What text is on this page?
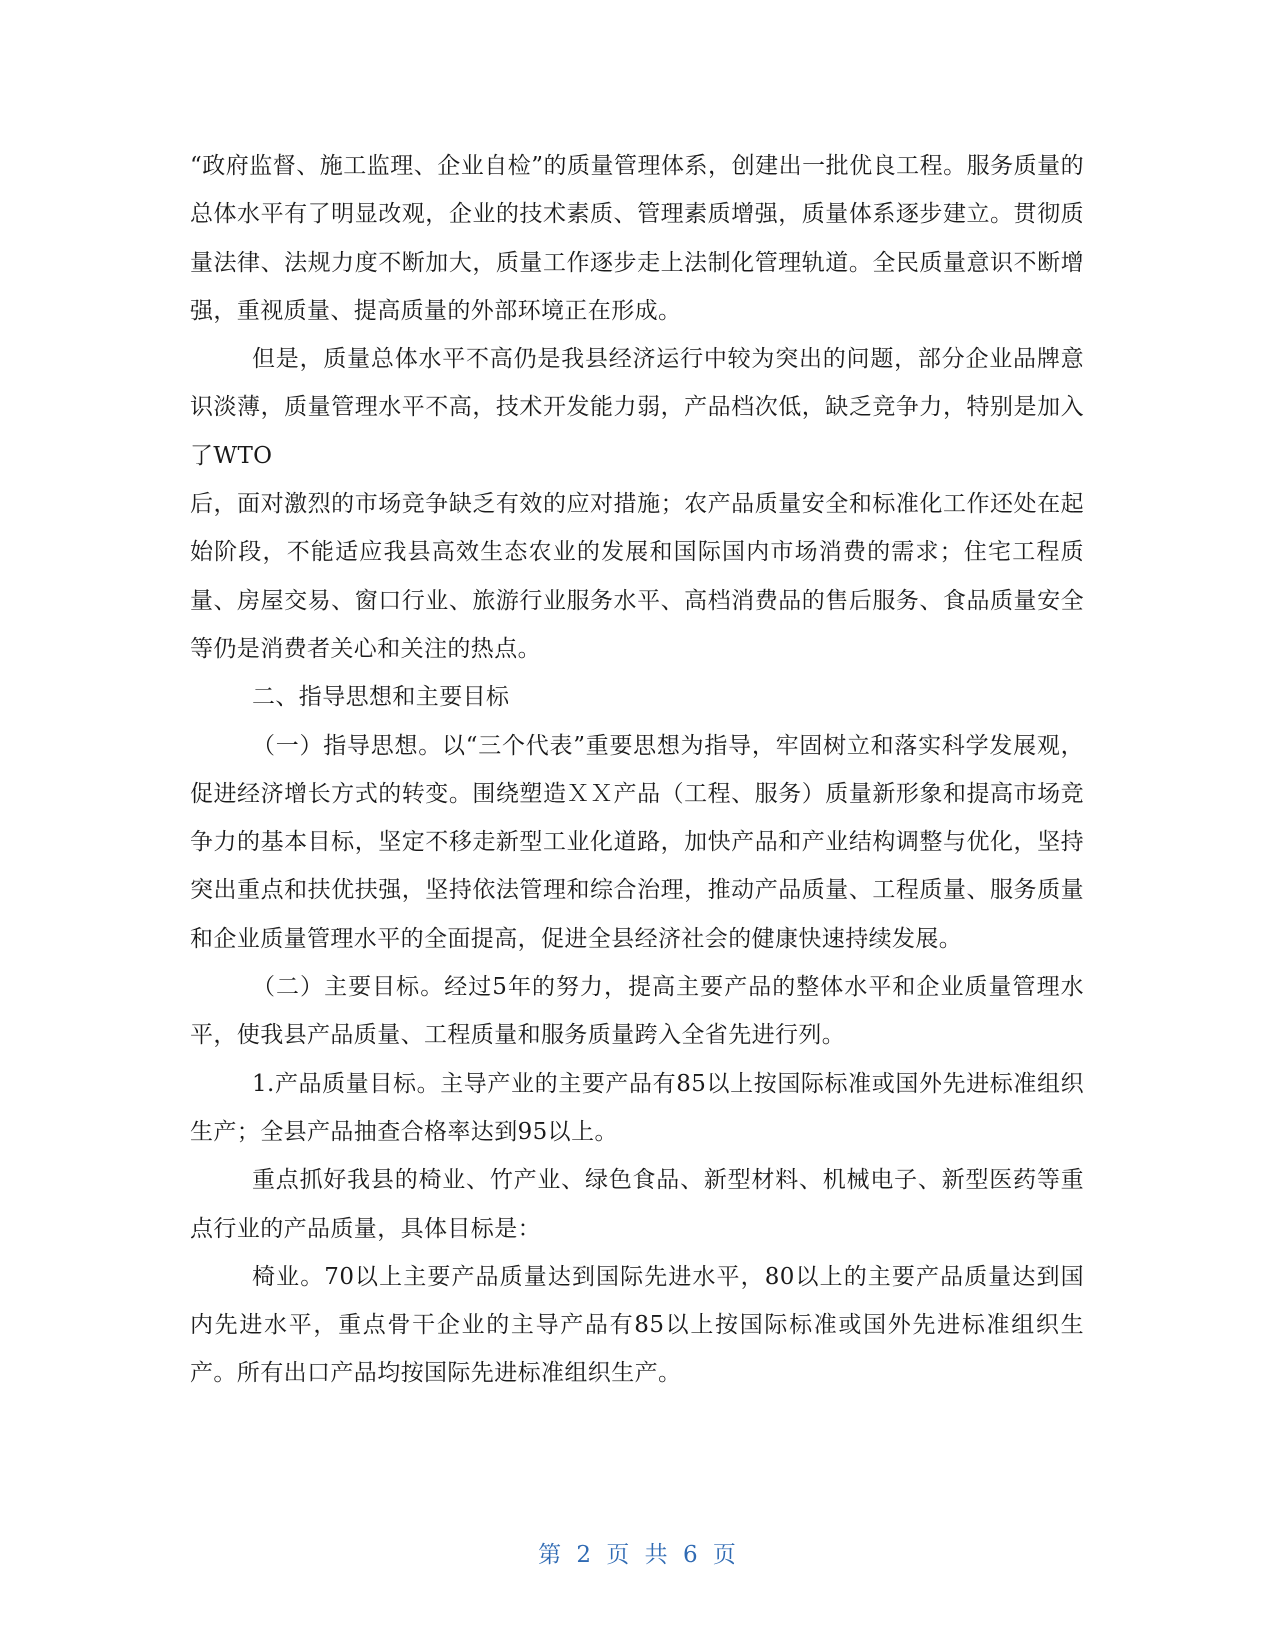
“政府监督、施工监理、企业自检”的质量管理体系，创建出一批优良工程。服务质量的总体水平有了明显改观，企业的技术素质、管理素质增强，质量体系逐步建立。贯彻质量法律、法规力度不断加大，质量工作逐步走上法制化管理轨道。全民质量意识不断增强，重视质量、提高质量的外部环境正在形成。

但是，质量总体水平不高仍是我县经济运行中较为突出的问题，部分企业品牌意识淡薄，质量管理水平不高，技术开发能力弱，产品档次低，缺乏竞争力，特别是加入了WTO

后，面对激烈的市场竞争缺乏有效的应对措施；农产品质量安全和标准化工作还处在起始阶段，不能适应我县高效生态农业的发展和国际国内市场消费的需求；住宅工程质量、房屋交易、窗口行业、旅游行业服务水平、高档消费品的售后服务、食品质量安全等仍是消费者关心和关注的热点。

二、指导思想和主要目标

（一）指导思想。以“三个代表”重要思想为指导，牢固树立和落实科学发展观，促进经济增长方式的转变。围绕塑造ＸＸ产品（工程、服务）质量新形象和提高市场竞争力的基本目标，坚定不移走新型工业化道路，加快产品和产业结构调整与优化，坚持突出重点和扶优扶强，坚持依法管理和综合治理，推动产品质量、工程质量、服务质量和企业质量管理水平的全面提高，促进全县经济社会的健康快速持续发展。

（二）主要目标。经过5年的努力，提高主要产品的整体水平和企业质量管理水平，使我县产品质量、工程质量和服务质量跨入全省先进行列。

1.产品质量目标。主导产业的主要产品有85以上按国际标准或国外先进标准组织生产；全县产品抽查合格率达到95以上。

重点抓好我县的椅业、竹产业、绿色食品、新型材料、机械电子、新型医药等重点行业的产品质量，具体目标是：

椅业。70以上主要产品质量达到国际先进水平，80以上的主要产品质量达到国内先进水平，重点骨干企业的主导产品有85以上按国际标准或国外先进标准组织生产。所有出口产品均按国际先进标准组织生产。

第 2 页 共 6 页
